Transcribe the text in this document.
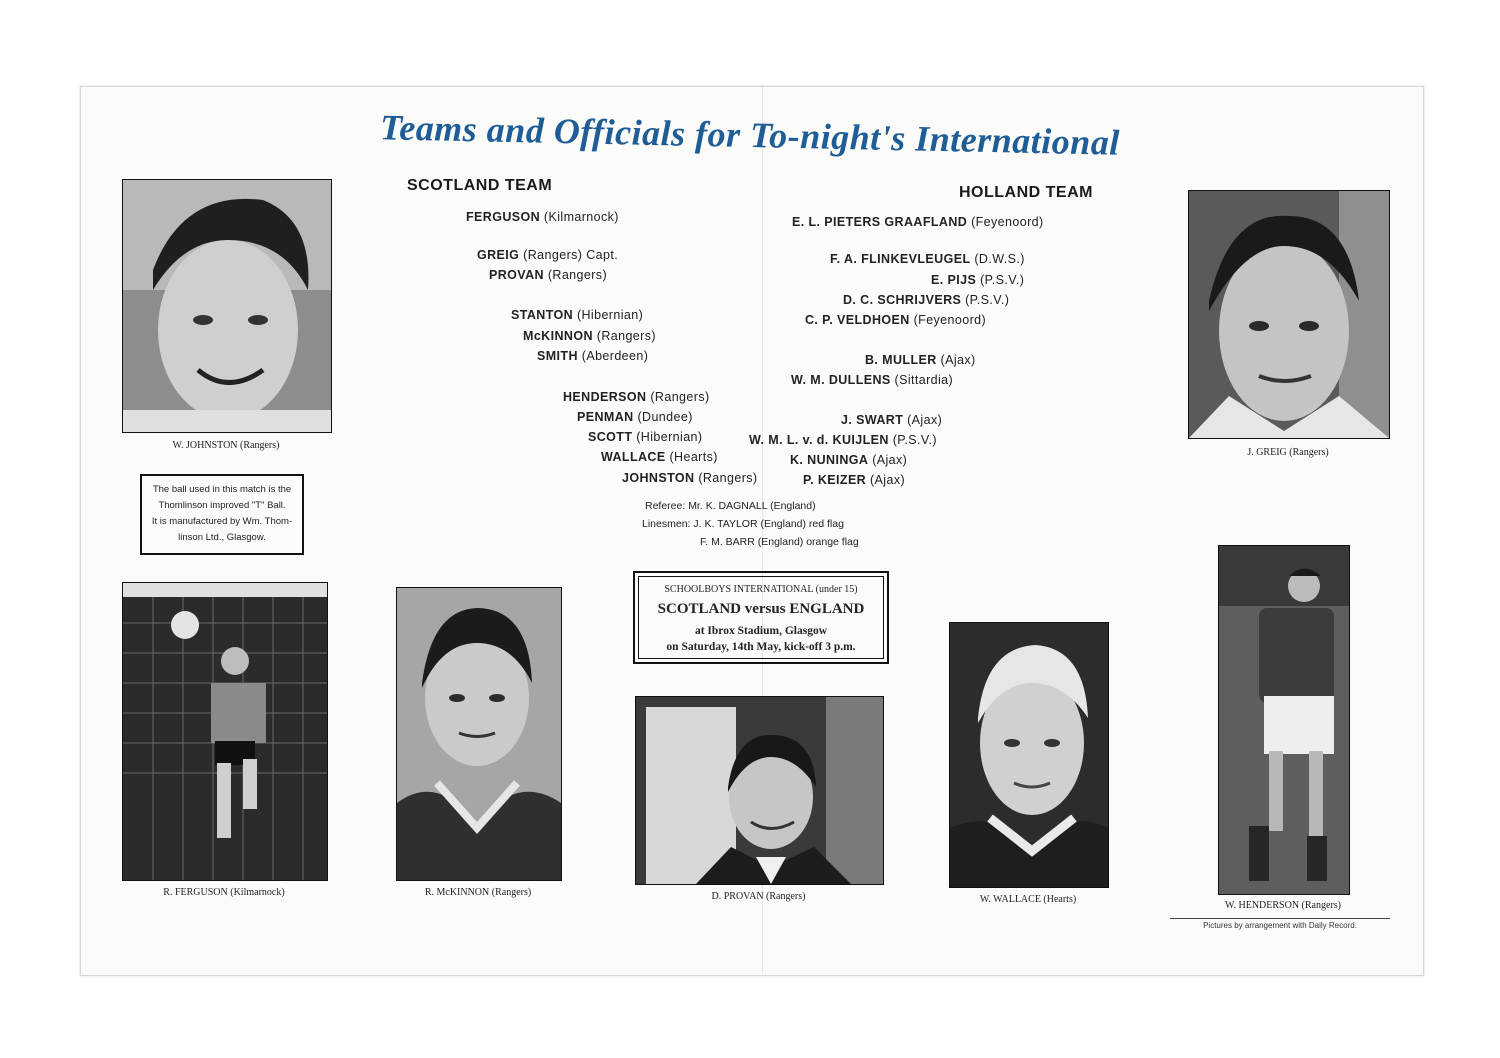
Teams and Officials for To-night's International
SCOTLAND TEAM
FERGUSON (Kilmarnock)
GREIG (Rangers) Capt.
PROVAN (Rangers)
STANTON (Hibernian)
McKINNON (Rangers)
SMITH (Aberdeen)
HENDERSON (Rangers)
PENMAN (Dundee)
SCOTT (Hibernian)
WALLACE (Hearts)
JOHNSTON (Rangers)
HOLLAND TEAM
E. L. PIETERS GRAAFLAND (Feyenoord)
F. A. FLINKEVLEUGEL (D.W.S.)
E. PIJS (P.S.V.)
D. C. SCHRIJVERS (P.S.V.)
C. P. VELDHOEN (Feyenoord)
B. MULLER (Ajax)
W. M. DULLENS (Sittardia)
J. SWART (Ajax)
W. M. L. v. d. KUIJLEN (P.S.V.)
K. NUNINGA (Ajax)
P. KEIZER (Ajax)
Referee: Mr. K. DAGNALL (England)
Linesmen: J. K. TAYLOR (England) red flag
F. M. BARR (England) orange flag
The ball used in this match is the
Thomlinson improved "T" Ball.
It is manufactured by Wm. Thom-
linson Ltd., Glasgow.
SCHOOLBOYS INTERNATIONAL (under 15)
SCOTLAND versus ENGLAND
at Ibrox Stadium, Glasgow
on Saturday, 14th May, kick-off 3 p.m.
W. JOHNSTON (Rangers)
J. GREIG (Rangers)
R. FERGUSON (Kilmarnock)	R. McKINNON (Rangers)	D. PROVAN (Rangers)	W. WALLACE (Hearts)
W. HENDERSON (Rangers)
Pictures by arrangement with Daily Record.
